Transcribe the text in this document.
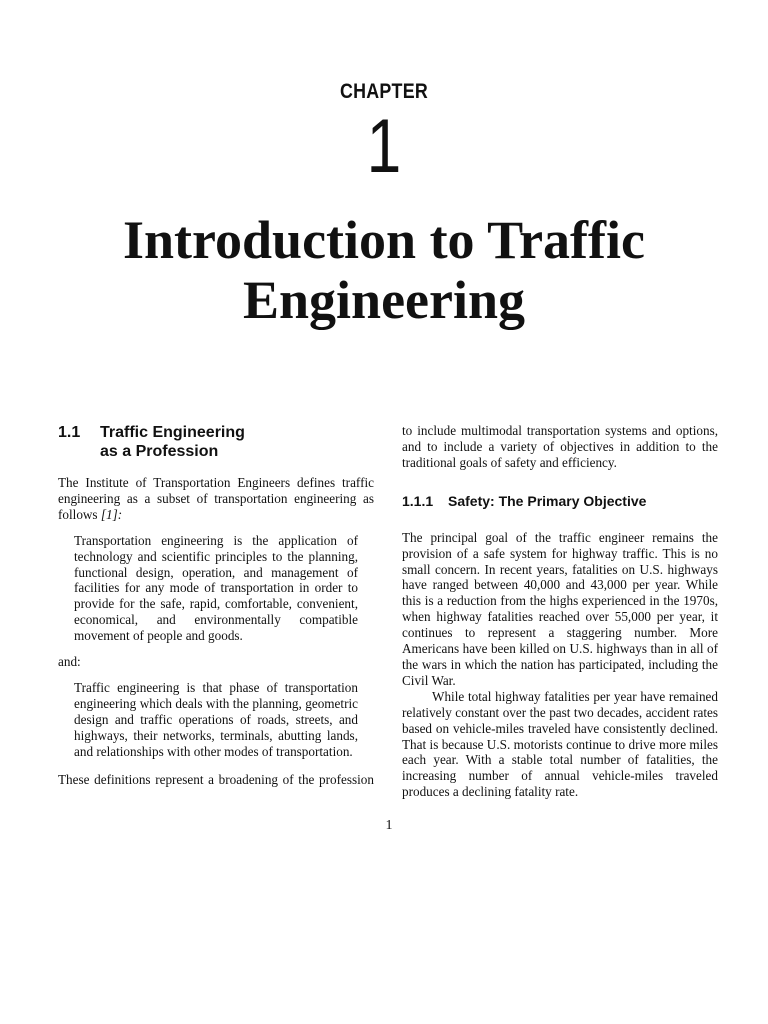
CHAPTER
1
Introduction to Traffic
Engineering
1.1	Traffic Engineering
as a Profession

The Institute of Transportation Engineers defines traffic engineering as a subset of transportation engineering as follows [1]:

Transportation engineering is the application of technology and scientific principles to the planning, functional design, operation, and management of facilities for any mode of transportation in order to provide for the safe, rapid, comfortable, convenient, economical, and environmentally compatible movement of people and goods.

and:

Traffic engineering is that phase of transportation engineering which deals with the planning, geometric design and traffic operations of roads, streets, and highways, their networks, terminals, abutting lands, and relationships with other modes of transportation.

These definitions represent a broadening of the profession

1

to include multimodal transportation systems and options, and to include a variety of objectives in addition to the traditional goals of safety and efficiency.

1.1.1	Safety: The Primary Objective

The principal goal of the traffic engineer remains the provision of a safe system for highway traffic. This is no small concern. In recent years, fatalities on U.S. highways have ranged between 40,000 and 43,000 per year. While this is a reduction from the highs experienced in the 1970s, when highway fatalities reached over 55,000 per year, it continues to represent a staggering number. More Americans have been killed on U.S. highways than in all of the wars in which the nation has participated, including the Civil War.

While total highway fatalities per year have remained relatively constant over the past two decades, accident rates based on vehicle-miles traveled have consistently declined. That is because U.S. motorists continue to drive more miles each year. With a stable total number of fatalities, the increasing number of annual vehicle-miles traveled produces a declining fatality rate.
